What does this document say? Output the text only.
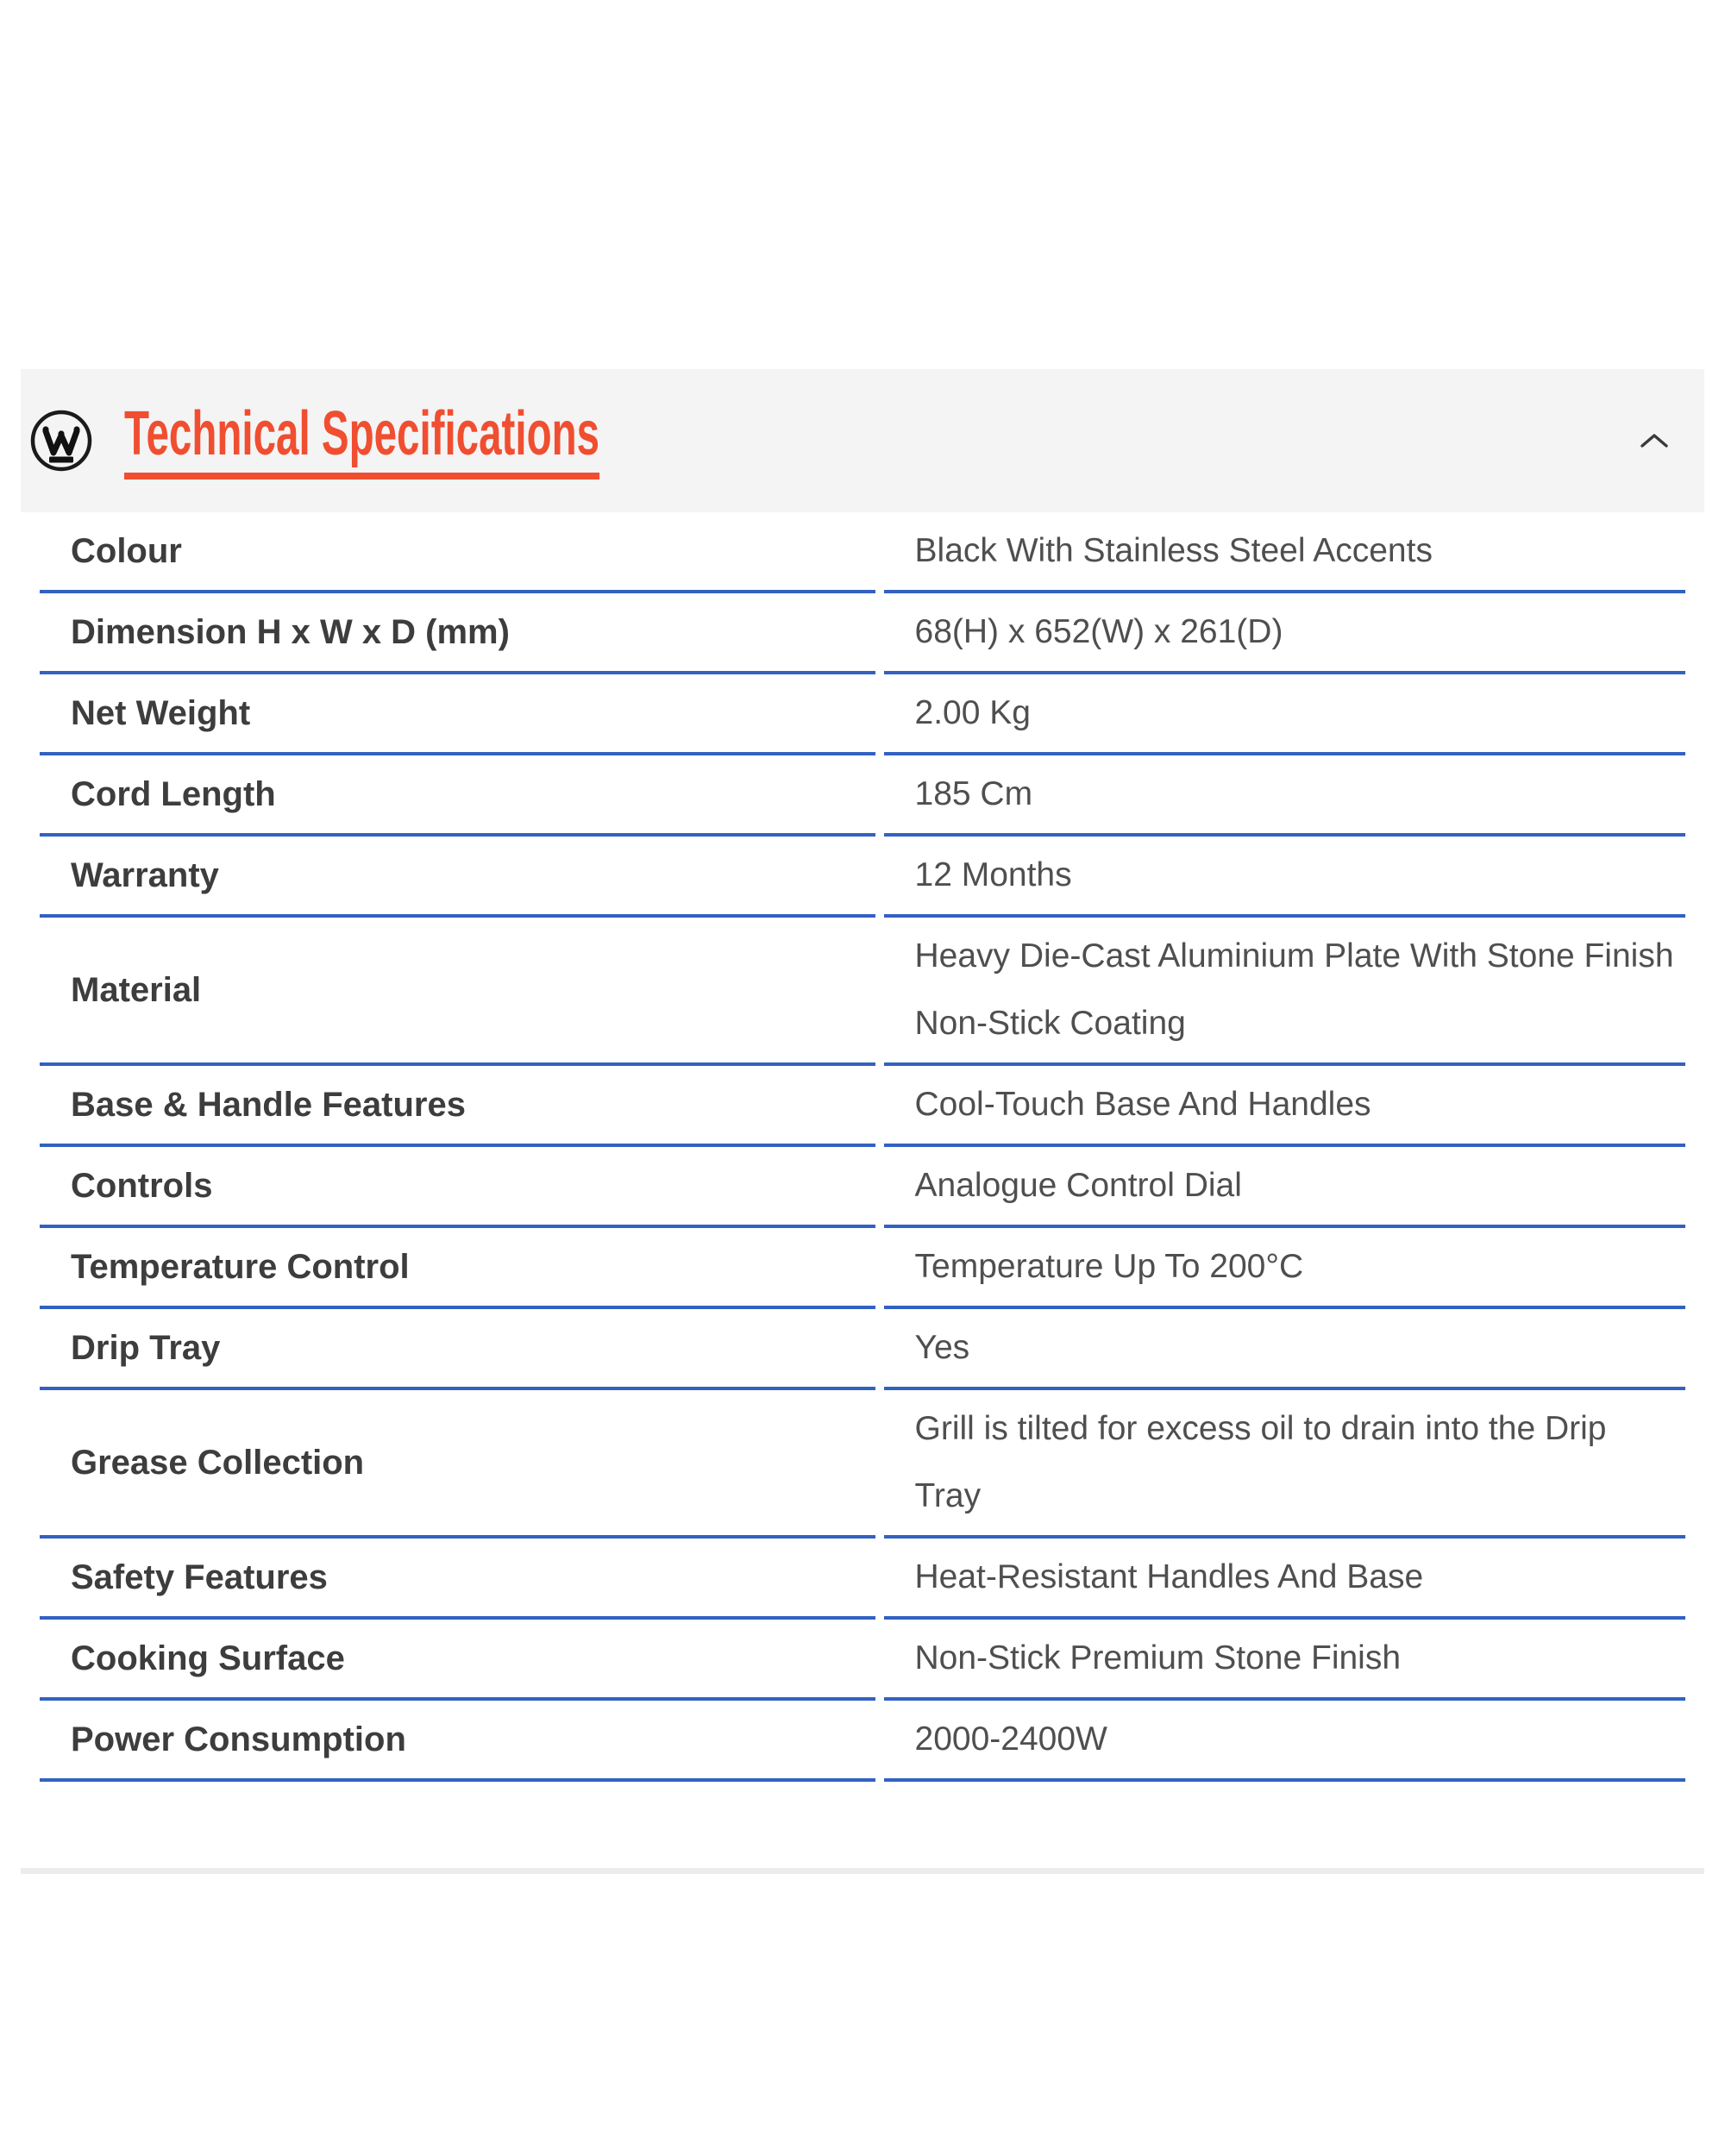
Technical Specifications
Colour	Black With Stainless Steel Accents
Dimension H x W x D (mm)	68(H) x 652(W) x 261(D)
Net Weight	2.00 Kg
Cord Length	185 Cm
Warranty	12 Months
Material	Heavy Die-Cast Aluminium Plate With Stone Finish Non-Stick Coating
Base & Handle Features	Cool-Touch Base And Handles
Controls	Analogue Control Dial
Temperature Control	Temperature Up To 200°C
Drip Tray	Yes
Grease Collection	Grill is tilted for excess oil to drain into the Drip Tray
Safety Features	Heat-Resistant Handles And Base
Cooking Surface	Non-Stick Premium Stone Finish
Power Consumption	2000-2400W
